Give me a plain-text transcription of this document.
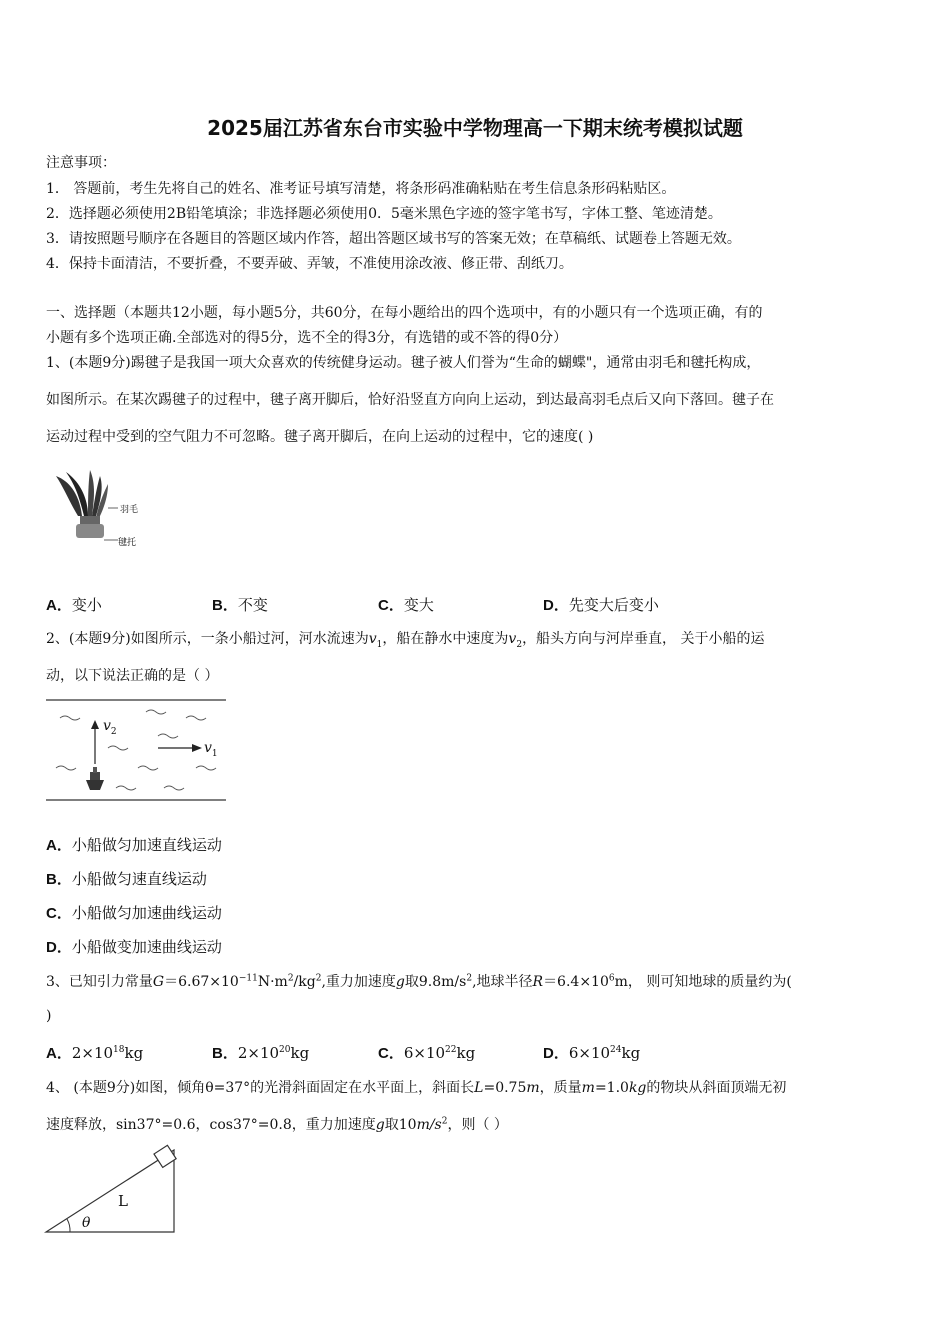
2025届江苏省东台市实验中学物理高一下期末统考模拟试题
注意事项：
1． 答题前，考生先将自己的姓名、准考证号填写清楚，将条形码准确粘贴在考生信息条形码粘贴区。
2．选择题必须使用2B铅笔填涂；非选择题必须使用0．5毫米黑色字迹的签字笔书写，字体工整、笔迹清楚。
3．请按照题号顺序在各题目的答题区域内作答，超出答题区域书写的答案无效；在草稿纸、试题卷上答题无效。
4．保持卡面清洁，不要折叠，不要弄破、弄皱，不准使用涂改液、修正带、刮纸刀。
一、选择题（本题共12小题，每小题5分，共60分，在每小题给出的四个选项中，有的小题只有一个选项正确，有的
小题有多个选项正确.全部选对的得5分，选不全的得3分，有选错的或不答的得0分）
1、(本题9分)踢毽子是我国一项大众喜欢的传统健身运动。毽子被人们誉为“生命的蝴蝶"，通常由羽毛和毽托构成，
如图所示。在某次踢毽子的过程中，毽子离开脚后，恰好沿竖直方向向上运动，到达最高羽毛点后又向下落回。毽子在
运动过程中受到的空气阻力不可忽略。毽子离开脚后，在向上运动的过程中，它的速度( )
羽毛
毽托
A．变小	B．不变	C．变大	D．先变大后变小
2、(本题9分)如图所示，一条小船过河，河水流速为$v_1$，船在静水中速度为$v_2$，船头方向与河岸垂直， 关于小船的运
动，以下说法正确的是（ ）
$v_2$
$v_1$
A．小船做匀加速直线运动
B．小船做匀速直线运动
C．小船做匀加速曲线运动
D．小船做变加速曲线运动
3、已知引力常量$G=6.67\times 10^{-11}N\cdot m^2/kg^2$,重力加速度g取$9.8m/s^2$,地球半径$R=6.4\times 10^6m$， 则可知地球的质量约为(
)
A．$2\times 10^{18}kg$	B．$2\times 10^{20}kg$	C．$6\times 10^{22}kg$	D．$6\times 10^{24}kg$
4、 (本题9分)如图，倾角θ=37°的光滑斜面固定在水平面上，斜面长L=0.75m，质量m=1.0kg的物块从斜面顶端无初
速度释放，sin37°=0.6，cos37°=0.8，重力加速度g取$10m/s^2$，则（ ）
L
θ
